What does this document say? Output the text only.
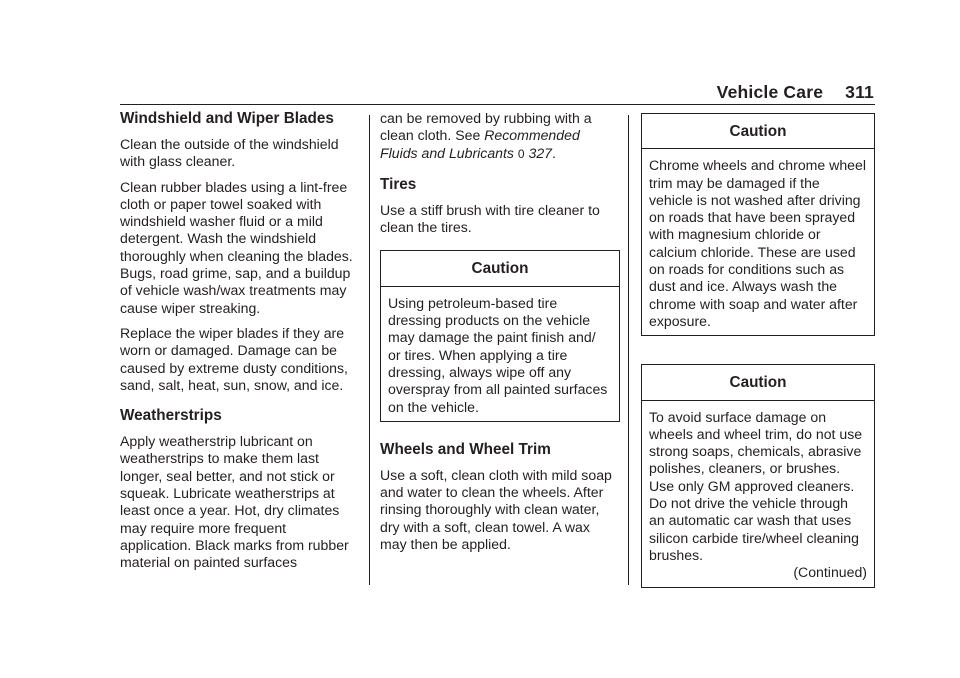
Vehicle Care 311
Windshield and Wiper Blades

Clean the outside of the windshield with glass cleaner.

Clean rubber blades using a lint-free cloth or paper towel soaked with windshield washer fluid or a mild detergent. Wash the windshield thoroughly when cleaning the blades. Bugs, road grime, sap, and a buildup of vehicle wash/wax treatments may cause wiper streaking.

Replace the wiper blades if they are worn or damaged. Damage can be caused by extreme dusty conditions, sand, salt, heat, sun, snow, and ice.

Weatherstrips

Apply weatherstrip lubricant on weatherstrips to make them last longer, seal better, and not stick or squeak. Lubricate weatherstrips at least once a year. Hot, dry climates may require more frequent application. Black marks from rubber material on painted surfaces

can be removed by rubbing with a clean cloth. See Recommended Fluids and Lubricants 0 327.

Tires

Use a stiff brush with tire cleaner to clean the tires.

Caution

Using petroleum-based tire dressing products on the vehicle may damage the paint finish and/ or tires. When applying a tire dressing, always wipe off any overspray from all painted surfaces on the vehicle.

Wheels and Wheel Trim

Use a soft, clean cloth with mild soap and water to clean the wheels. After rinsing thoroughly with clean water, dry with a soft, clean towel. A wax may then be applied.

Caution

Chrome wheels and chrome wheel trim may be damaged if the vehicle is not washed after driving on roads that have been sprayed with magnesium chloride or calcium chloride. These are used on roads for conditions such as dust and ice. Always wash the chrome with soap and water after exposure.

Caution

To avoid surface damage on wheels and wheel trim, do not use strong soaps, chemicals, abrasive polishes, cleaners, or brushes. Use only GM approved cleaners. Do not drive the vehicle through an automatic car wash that uses silicon carbide tire/wheel cleaning brushes.

(Continued)
